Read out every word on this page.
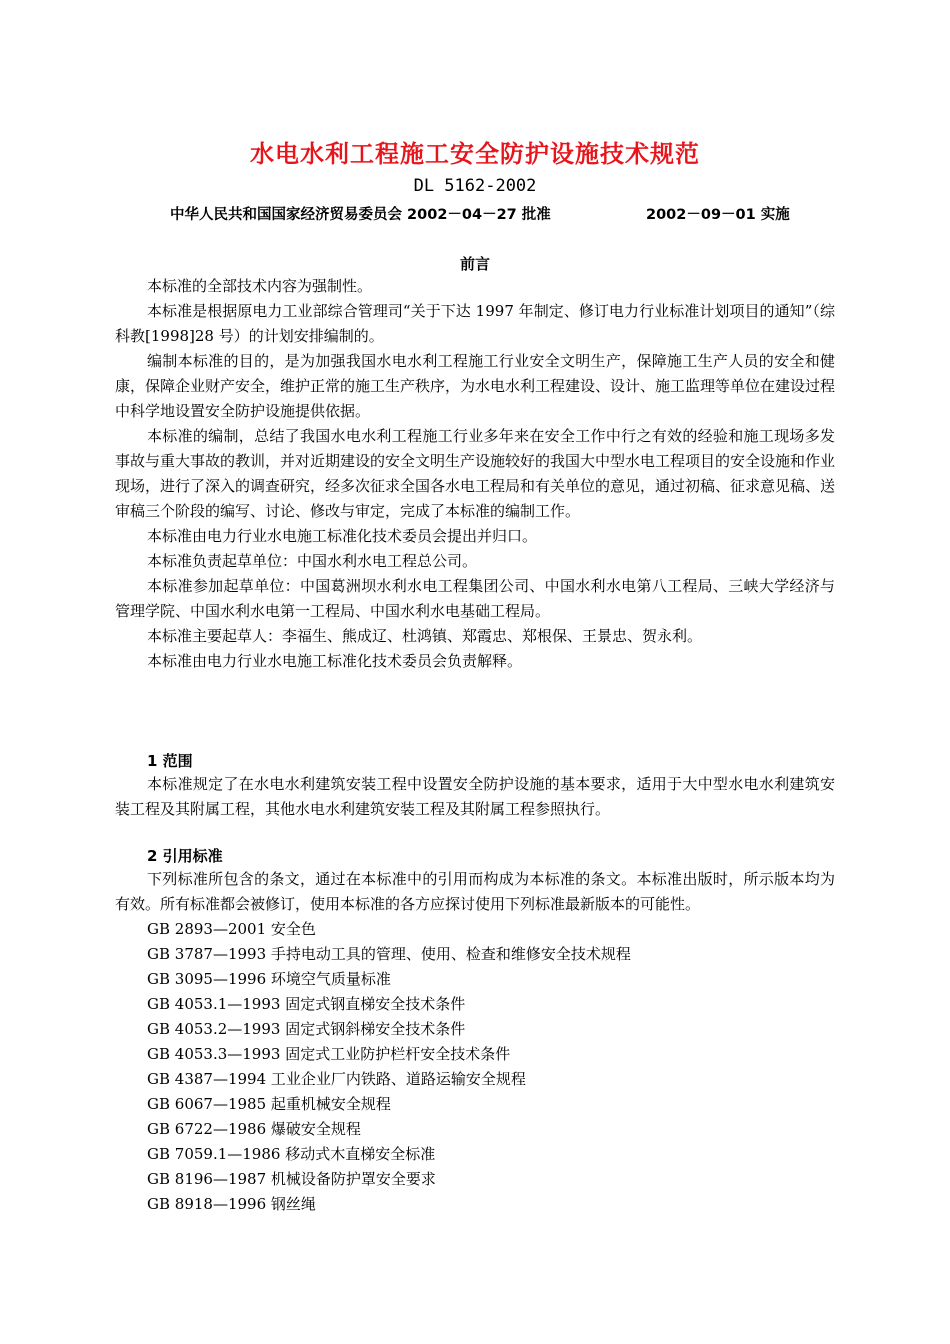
水电水利工程施工安全防护设施技术规范
DL 5162-2002
中华人民共和国国家经济贸易委员会 2002－04－27 批准	2002－09－01 实施
前言

本标准的全部技术内容为强制性。

本标准是根据原电力工业部综合管理司“关于下达 1997 年制定、修订电力行业标准计划项目的通知”（综科教[1998]28 号）的计划安排编制的。

编制本标准的目的，是为加强我国水电水利工程施工行业安全文明生产，保障施工生产人员的安全和健康，保障企业财产安全，维护正常的施工生产秩序，为水电水利工程建设、设计、施工监理等单位在建设过程中科学地设置安全防护设施提供依据。

本标准的编制，总结了我国水电水利工程施工行业多年来在安全工作中行之有效的经验和施工现场多发事故与重大事故的教训，并对近期建设的安全文明生产设施较好的我国大中型水电工程项目的安全设施和作业现场，进行了深入的调查研究，经多次征求全国各水电工程局和有关单位的意见，通过初稿、征求意见稿、送审稿三个阶段的编写、讨论、修改与审定，完成了本标准的编制工作。

本标准由电力行业水电施工标准化技术委员会提出并归口。

本标准负责起草单位：中国水利水电工程总公司。

本标准参加起草单位：中国葛洲坝水利水电工程集团公司、中国水利水电第八工程局、三峡大学经济与管理学院、中国水利水电第一工程局、中国水利水电基础工程局。

本标准主要起草人：李福生、熊成辽、杜鸿镇、郑霞忠、郑根保、王景忠、贺永利。

本标准由电力行业水电施工标准化技术委员会负责解释。

1 范围

本标准规定了在水电水利建筑安装工程中设置安全防护设施的基本要求，适用于大中型水电水利建筑安装工程及其附属工程，其他水电水利建筑安装工程及其附属工程参照执行。

2 引用标准

下列标准所包含的条文，通过在本标准中的引用而构成为本标准的条文。本标准出版时，所示版本均为有效。所有标准都会被修订，使用本标准的各方应探讨使用下列标准最新版本的可能性。

GB 2893—2001 安全色
GB 3787—1993 手持电动工具的管理、使用、检查和维修安全技术规程
GB 3095—1996 环境空气质量标准
GB 4053.1—1993 固定式钢直梯安全技术条件
GB 4053.2—1993 固定式钢斜梯安全技术条件
GB 4053.3—1993 固定式工业防护栏杆安全技术条件
GB 4387—1994 工业企业厂内铁路、道路运输安全规程
GB 6067—1985 起重机械安全规程
GB 6722—1986 爆破安全规程
GB 7059.1—1986 移动式木直梯安全标准
GB 8196—1987 机械设备防护罩安全要求
GB 8918—1996 钢丝绳
